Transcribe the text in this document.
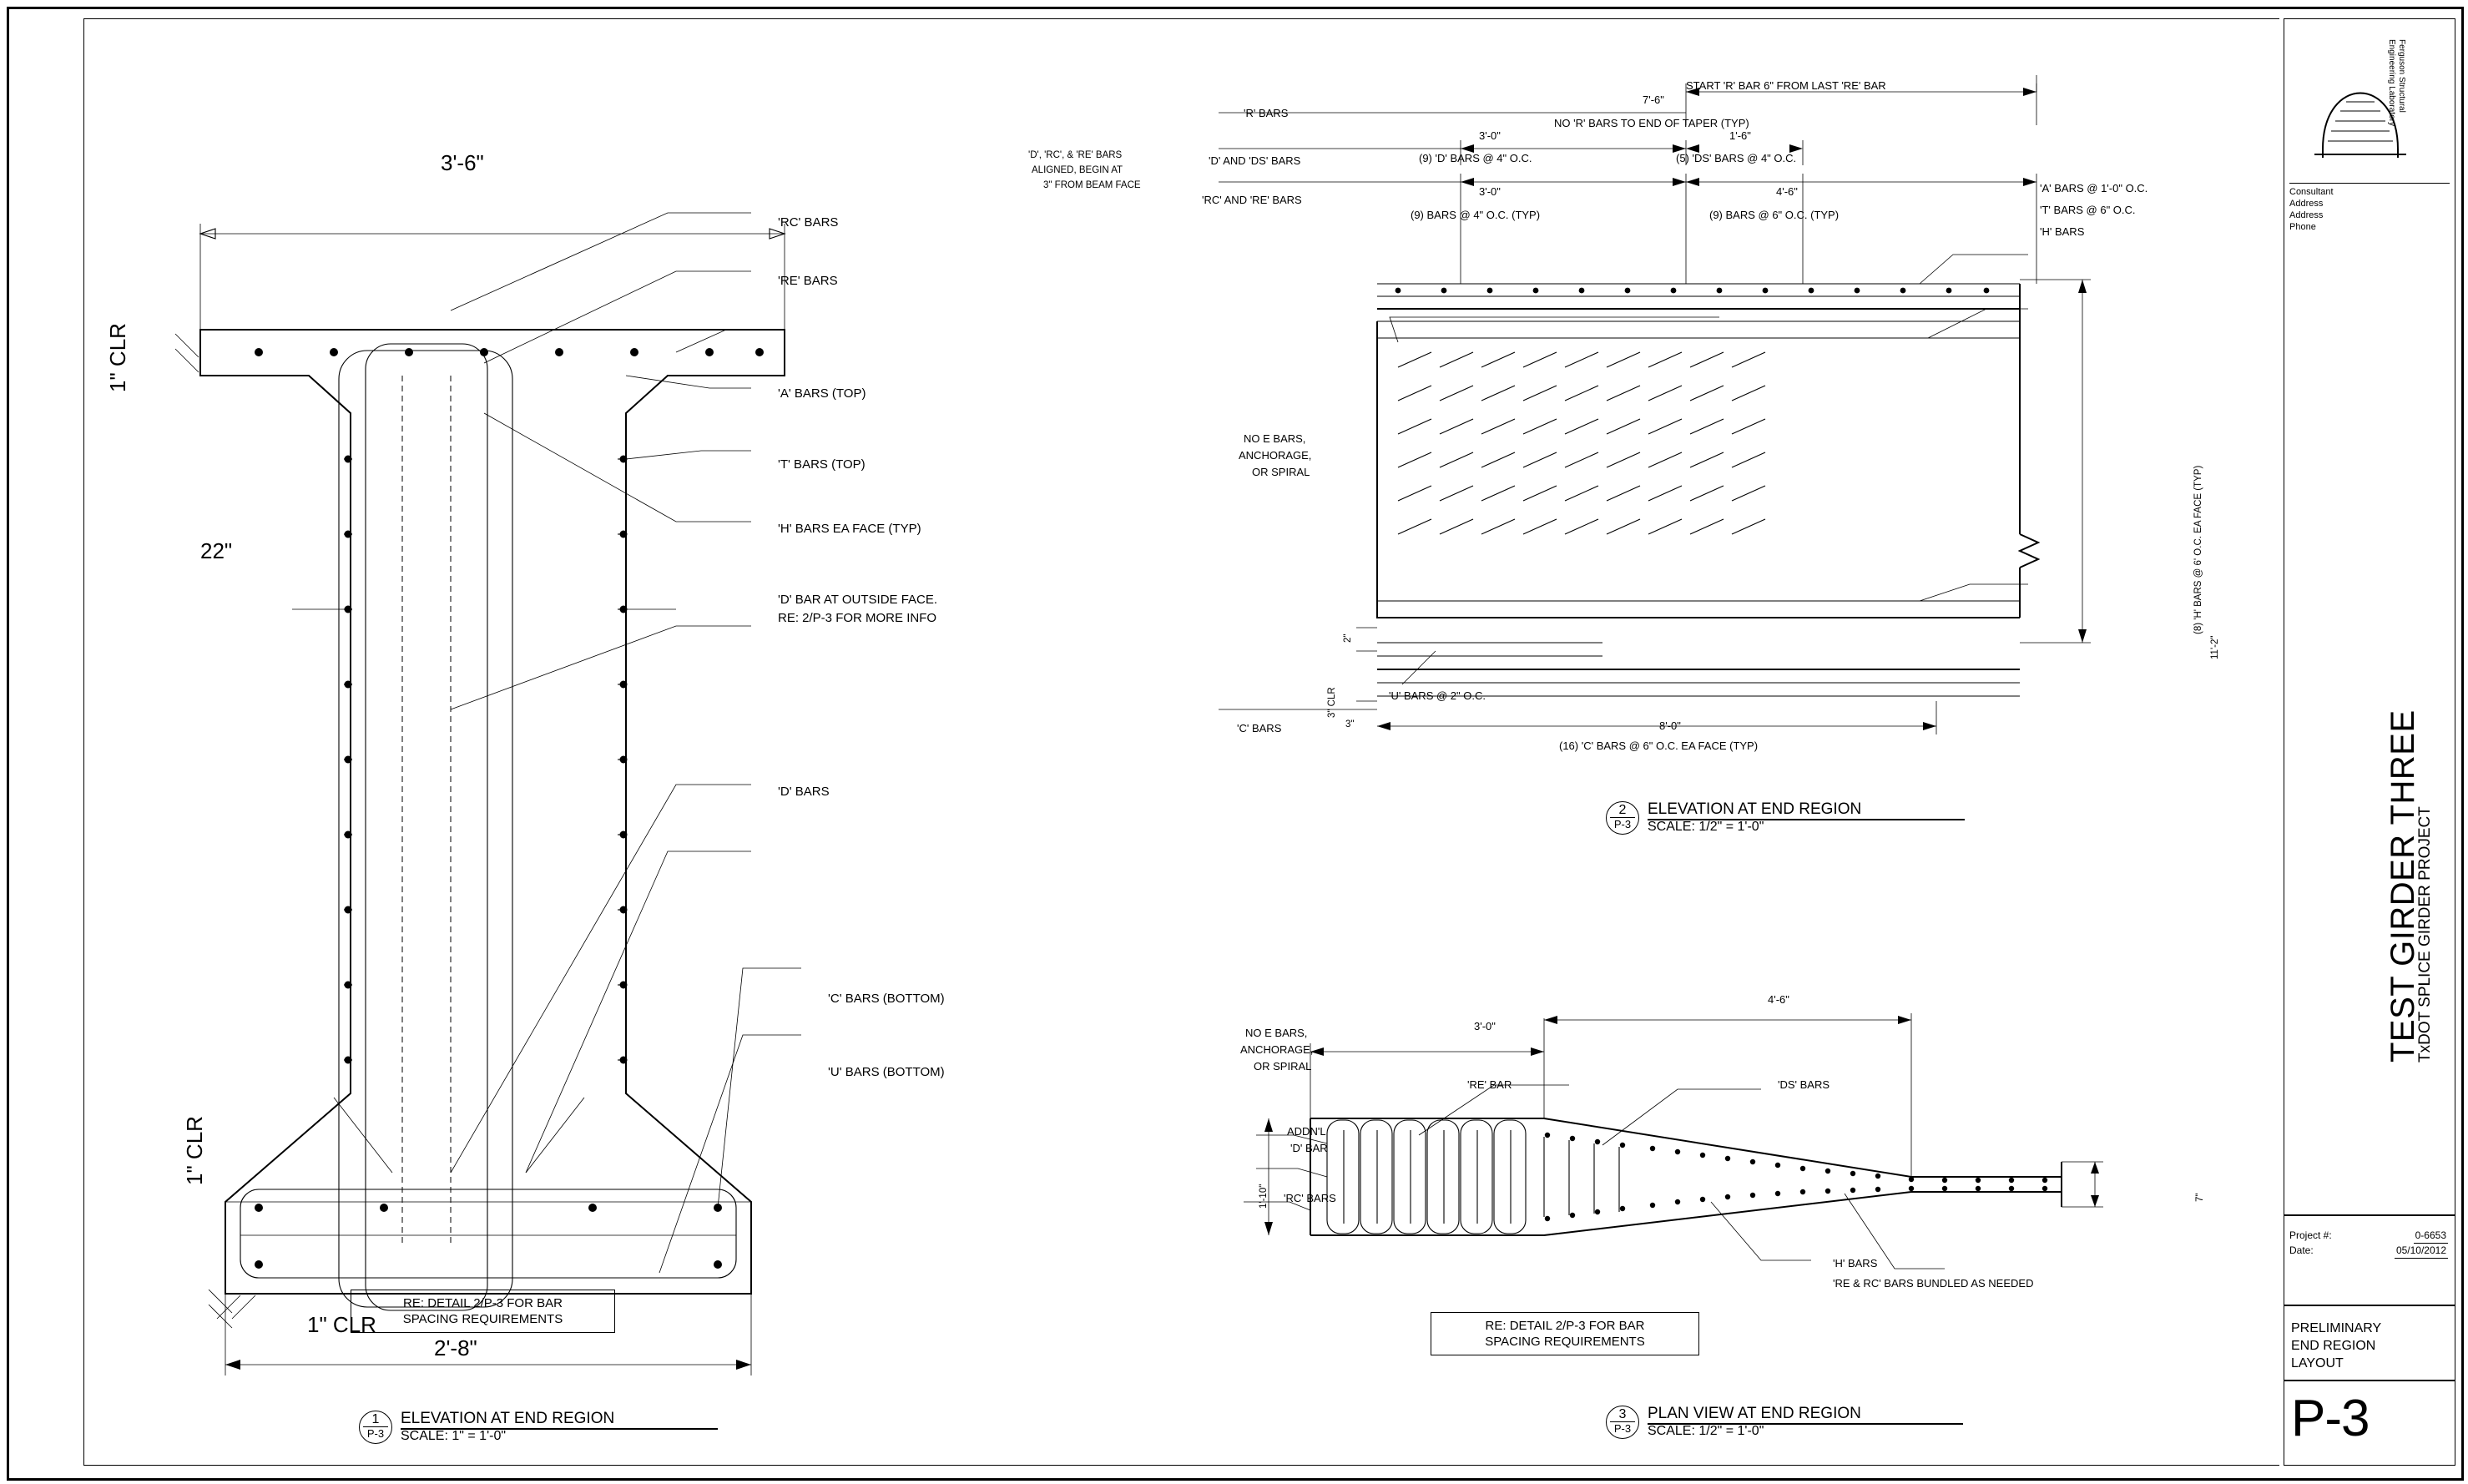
3'-6"
2'-8"
22"
1" CLR
1" CLR
1" CLR
'RC' BARS
'RE' BARS
'A' BARS (TOP)
'T' BARS (TOP)
'H' BARS EA FACE (TYP)
'D' BAR AT OUTSIDE FACE.
RE: 2/P-3 FOR MORE INFO
'D' BARS
'C' BARS (BOTTOM)
'U' BARS (BOTTOM)
RE: DETAIL 2/P-3 FOR BAR
SPACING REQUIREMENTS
1
P-3
ELEVATION AT END REGION
SCALE: 1" = 1'-0"
START 'R' BAR 6" FROM LAST 'RE' BAR
'R' BARS
'D' AND 'DS' BARS
'RC' AND 'RE' BARS
'C' BARS
'D', 'RC', & 'RE' BARS
ALIGNED, BEGIN AT
3" FROM BEAM FACE
NO E BARS,
ANCHORAGE,
OR SPIRAL
7'-6"
NO 'R' BARS TO END OF TAPER (TYP)
3'-0"
(9) 'D' BARS @ 4" O.C.
1'-6"
(5) 'DS' BARS @ 4" O.C.
3'-0"
(9) BARS @ 4" O.C. (TYP)
4'-6"
(9) BARS @ 6" O.C. (TYP)
'A' BARS @ 1'-0" O.C.
'T' BARS @ 6" O.C.
'H' BARS
2"
3" CLR
3"
'U' BARS @ 2" O.C.
8'-0"
(16) 'C' BARS @ 6" O.C. EA FACE (TYP)
11'-2"
(8) 'H' BARS @ 6' O.C. EA FACE (TYP)
2
P-3
ELEVATION AT END REGION
SCALE: 1/2" = 1'-0"
NO E BARS,
ANCHORAGE,
OR SPIRAL
'RE' BAR	'DS' BARS
ADDN'L
'D' BAR
'RC' BARS
'H' BARS
'RE & RC' BARS BUNDLED AS NEEDED
3'-0"
4'-6"
1'-10"	7"
RE: DETAIL 2/P-3 FOR BAR
SPACING REQUIREMENTS
3
P-3
PLAN VIEW AT END REGION
SCALE: 1/2" = 1'-0"
Ferguson Structural
Engineering Laboratory
Consultant
Address
Address
Phone
TEST GIRDER THREE
TxDOT SPLICE GIRDER PROJECT
Project #:	0-6653
Date:	05/10/2012
PRELIMINARY
END REGION
LAYOUT
P-3
